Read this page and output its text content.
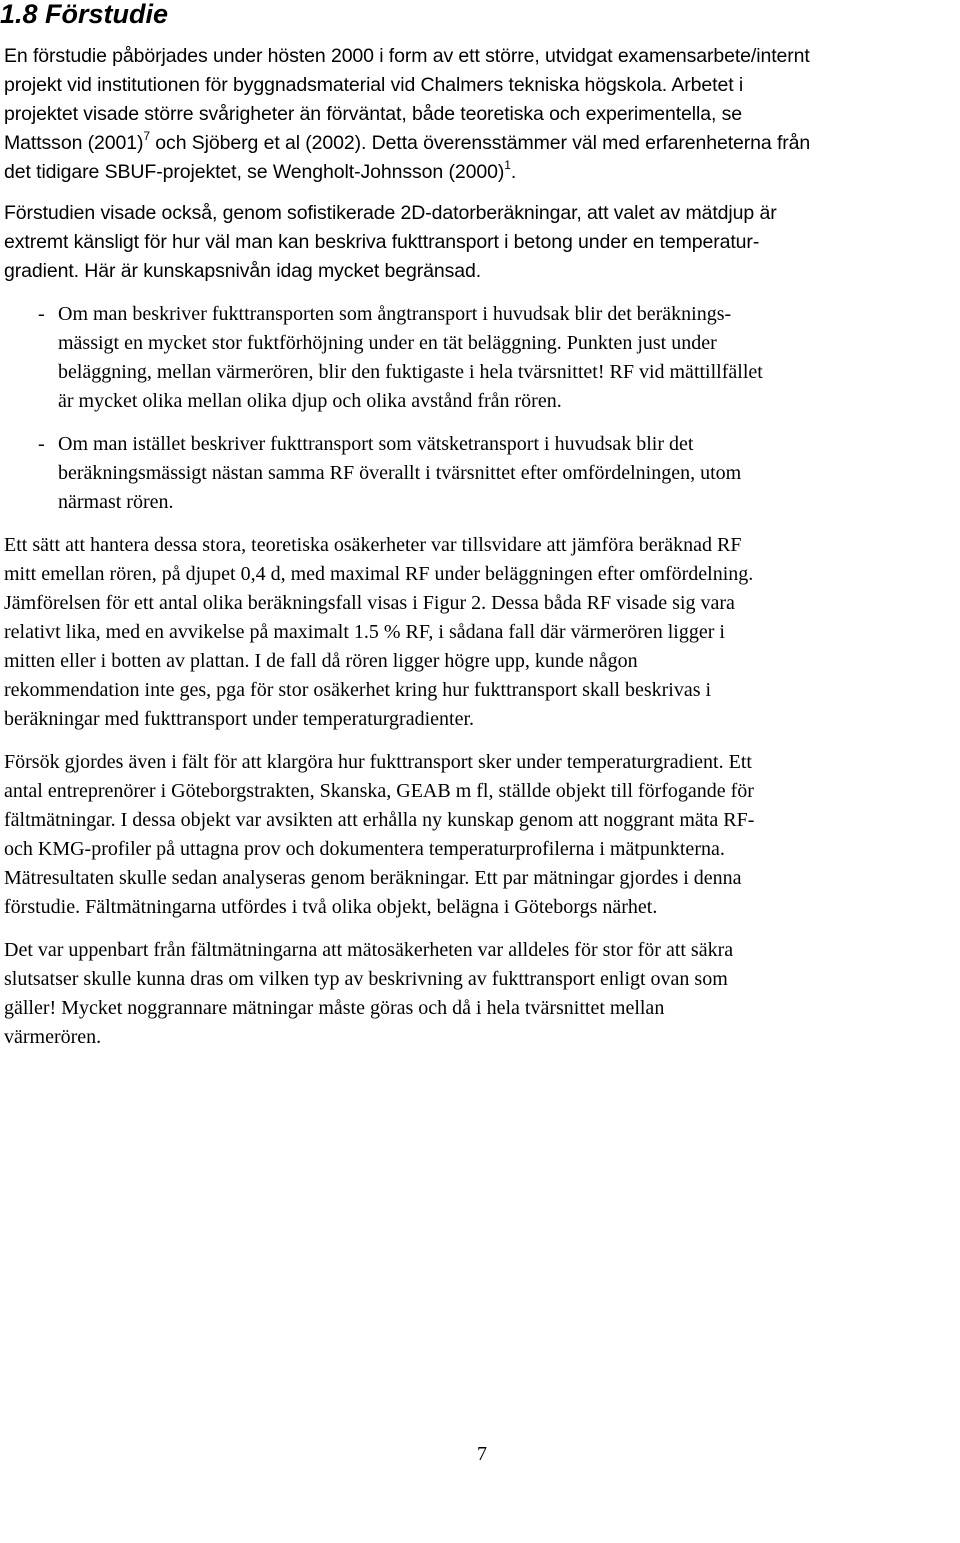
1.8 Förstudie

En förstudie påbörjades under hösten 2000 i form av ett större, utvidgat examensarbete/internt
projekt vid institutionen för byggnadsmaterial vid Chalmers tekniska högskola. Arbetet i
projektet visade större svårigheter än förväntat, både teoretiska och experimentella, se
Mattsson $(2001)^7$ och Sjöberg et al (2002). Detta överensstämmer väl med erfarenheterna från
det tidigare SBUF-projektet, se Wengholt-Johnsson $(2000)^1$.

Förstudien visade också, genom sofistikerade 2D-datorberäkningar, att valet av mätdjup är
extremt känsligt för hur väl man kan beskriva fukttransport i betong under en temperatur-
gradient. Här är kunskapsnivån idag mycket begränsad.

- Om man beskriver fukttransporten som ångtransport i huvudsak blir det beräknings-
mässigt en mycket stor fuktförhöjning under en tät beläggning. Punkten just under
beläggning, mellan värmerören, blir den fuktigaste i hela tvärsnittet! RF vid mättillfället
är mycket olika mellan olika djup och olika avstånd från rören.
- Om man istället beskriver fukttransport som vätsketransport i huvudsak blir det
beräkningsmässigt nästan samma RF överallt i tvärsnittet efter omfördelningen, utom
närmast rören.

Ett sätt att hantera dessa stora, teoretiska osäkerheter var tillsvidare att jämföra beräknad RF
mitt emellan rören, på djupet 0,4 d, med maximal RF under beläggningen efter omfördelning.
Jämförelsen för ett antal olika beräkningsfall visas i Figur 2. Dessa båda RF visade sig vara
relativt lika, med en avvikelse på maximalt 1.5 % RF, i sådana fall där värmerören ligger i
mitten eller i botten av plattan. I de fall då rören ligger högre upp, kunde någon
rekommendation inte ges, pga för stor osäkerhet kring hur fukttransport skall beskrivas i
beräkningar med fukttransport under temperaturgradienter.

Försök gjordes även i fält för att klargöra hur fukttransport sker under temperaturgradient. Ett
antal entreprenörer i Göteborgstrakten, Skanska, GEAB m fl, ställde objekt till förfogande för
fältmätningar. I dessa objekt var avsikten att erhålla ny kunskap genom att noggrant mäta RF-
och KMG-profiler på uttagna prov och dokumentera temperaturprofilerna i mätpunkterna.
Mätresultaten skulle sedan analyseras genom beräkningar. Ett par mätningar gjordes i denna
förstudie. Fältmätningarna utfördes i två olika objekt, belägna i Göteborgs närhet.

Det var uppenbart från fältmätningarna att mätosäkerheten var alldeles för stor för att säkra
slutsatser skulle kunna dras om vilken typ av beskrivning av fukttransport enligt ovan som
gäller! Mycket noggrannare mätningar måste göras och då i hela tvärsnittet mellan
värmerören.

7
